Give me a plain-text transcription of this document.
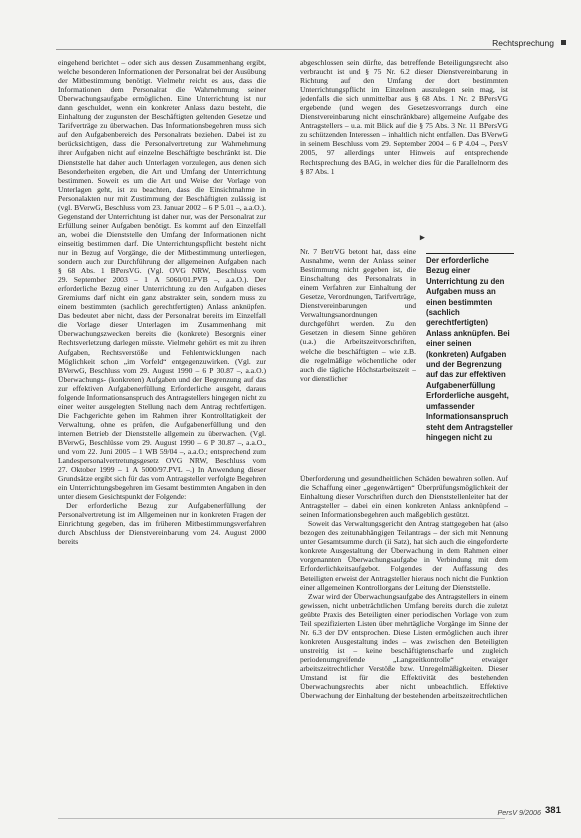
Rechtsprechung

eingehend berichtet – oder sich aus dessen Zusammenhang ergibt, welche besonderen Informationen der Personalrat bei der Ausübung der Mitbestimmung benötigt. Vielmehr reicht es aus, dass die Informationen dem Personalrat die Wahrnehmung seiner Überwachungsaufgabe ermöglichen. Eine Unterrichtung ist nur dann geschuldet, wenn ein konkreter Anlass dazu besteht, die Einhaltung der zugunsten der Beschäftigten geltenden Gesetze und Tarifverträge zu überwachen. Das Informationsbegehren muss sich auf den Aufgabenbereich des Personalrats beziehen. Dabei ist zu berücksichtigen, dass die Personalvertretung zur Wahrnehmung ihrer Aufgaben nicht auf einzelne Beschäftigte beschränkt ist. Die Dienststelle hat daher auch Unterlagen vorzulegen, aus denen sich Besonderheiten ergeben, die Art und Umfang der Unterrichtung bestimmen. Soweit es um die Art und Weise der Vorlage von Unterlagen geht, ist zu beachten, dass die Einsichtnahme in Personalakten nur mit Zustimmung der Beschäftigten zulässig ist (vgl. BVerwG, Beschluss vom 23. Januar 2002 – 6 P 5.01 –, a.a.O.). Gegenstand der Unterrichtung ist daher nur, was der Personalrat zur Erfüllung seiner Aufgaben benötigt. Es kommt auf den Einzelfall an, wobei die Dienststelle den Umfang der Informationen nicht einseitig bestimmen darf. Die Unterrichtungspflicht besteht nicht nur in Bezug auf Vorgänge, die der Mitbestimmung unterliegen, sondern auch zur Durchführung der allgemeinen Aufgaben nach § 68 Abs. 1 BPersVG. (Vgl. OVG NRW, Beschluss vom 29. September 2003 – 1 A 5060/01.PVB –, a.a.O.). Der erforderliche Bezug einer Unterrichtung zu den Aufgaben dieses Gremiums darf nicht ein ganz abstrakter sein, sondern muss zu einem bestimmten (sachlich gerechtfertigten) Anlass anknüpfen. Das bedeutet aber nicht, dass der Personalrat bereits im Einzelfall die Vorlage dieser Unterlagen im Zusammenhang mit Überwachungszwecken bereits die (konkrete) Besorgnis einer Rechtsverletzung darlegen müsste. Vielmehr gehört es mit zu ihren Aufgaben, Rechtsverstöße und Fehlentwicklungen nach Möglichkeit schon „im Vorfeld“ entgegenzuwirken. (Vgl. zur BVerwG, Beschluss vom 29. August 1990 – 6 P 30.87 –, a.a.O.) Überwachungs- (konkreten) Aufgaben und der Begrenzung auf das zur effektiven Aufgabenerfüllung Erforderliche ausgeht, daraus folgende Informationsanspruch des Antragstellers hingegen nicht zu einer weiter ausgelegten Stellung nach dem Antrag rechtfertigen. Die Fachgerichte gehen im Rahmen ihrer Kontrolltatigkeit der Verwaltung, ohne es prüfen, die Aufgabenerfüllung und den internen Betrieb der Dienststelle allgemein zu überwachen. (Vgl. BVerwG, Beschlüsse vom 29. August 1990 – 6 P 30.87 –, a.a.O., und vom 22. Juni 2005 – 1 WB 59/04 –, a.a.O.; entsprechend zum Landespersonalvertretungsgesetz OVG NRW, Beschluss vom 27. Oktober 1999 – 1 A 5000/97.PVL –.) In Anwendung dieser Grundsätze ergibt sich für das vom Antragsteller verfolgte Begehren ein Unterrichtungsbegehren im Gesamt bestimmten Angaben in den unter diesem Gesichtspunkt der Folgende:
Der erforderliche Bezug zur Aufgabenerfüllung der Personalvertretung ist im Allgemeinen nur in konkreten Fragen der Einrichtung gegeben, das im früheren Mitbestimmungsverfahren durch Abschluss der Dienstvereinbarung vom 24. August 2000 bereits

abgeschlossen sein dürfte, das betreffende Beteiligungsrecht also verbraucht ist und § 75 Nr. 6.2 dieser Dienstvereinbarung in Richtung auf den Umfang der dort bestimmten Unterrichtungspflicht im Einzelnen auszulegen sein mag, ist jedenfalls die sich unmittelbar aus § 68 Abs. 1 Nr. 2 BPersVG ergebende (und wegen des Gesetzesvorrangs durch eine Dienstvereinbarung nicht einschränkbare) allgemeine Aufgabe des Antragstellers – u.a. mit Blick auf die § 75 Abs. 3 Nr. 11 BPersVG zu schützenden Interessen – inhaltlich nicht entfallen. Das BVerwG in seinem Beschluss vom 29. September 2004 – 6 P 4.04 –, PersV 2005, 97 allerdings unter Hinweis auf entsprechende Rechtsprechung des BAG, in welcher dies für die Parallelnorm des § 87 Abs. 1

Nr. 7 BetrVG betont hat, dass eine Ausnahme, wenn der Anlass seiner Bestimmung nicht gegeben ist, die Einschaltung des Personalrats in einem Verfahren zur Einhaltung der Gesetze, Verordnungen, Tarifverträge, Dienstvereinbarungen und Verwaltungsanordnungen durchgeführt werden. Zu den Gesetzen in diesem Sinne gehören (u.a.) die Arbeitszeitvorschriften, welche die beschäftigten – wie z.B. die regelmäßige wöchentliche oder auch die tägliche Höchstarbeitszeit – vor dienstlicher

▸
Der erforderliche Bezug einer Unterrichtung zu den Aufgaben muss an einen bestimmten (sachlich gerechtfertigten) Anlass anknüpfen. Bei einer seinen (konkreten) Aufgaben und der Begrenzung auf das zur effektiven Aufgabenerfüllung Erforderliche ausgeht, umfassender Informationsanspruch steht dem Antragsteller hingegen nicht zu

Überforderung und gesundheitlichen Schäden bewahren sollen. Auf die Schaffung einer „gegenwärtigen“ Überprüfungsmöglichkeit der Einhaltung dieser Vorschriften durch den Dienststellenleiter hat der Antragsteller – dabei ein einen konkreten Anlass anknüpfend – seinen Informationsbegehren auch maßgeblich gestützt.
Soweit das Verwaltungsgericht den Antrag stattgegeben hat (also bezogen des zeitunabhängigen Teilantrags – der sich mit Nennung unter Gesamtsumme durch (ii Satz), hat sich auch die eingeforderte konkrete Ausgestaltung der Überwachung in dem Rahmen einer vorgenannten Überwachungsaufgabe in Verbindung mit dem Erforderlichkeitsaufgebot. Folgendes der Auffassung des Beteiligten erweist der Antragsteller hieraus noch nicht die Funktion einer allgemeinen Kontrollorgans der Leitung der Dienststelle.
Zwar wird der Überwachungsaufgabe des Antragstellers in einem gewissen, nicht unbeträchtlichen Umfang bereits durch die zuletzt geübte Praxis des Beteiligten einer periodischen Vorlage von zum Teil spezifizierten Listen über mehrtägliche Vorgänge im Sinne der Nr. 6.3 der DV entsprochen. Diese Listen ermöglichen auch ihrer konkreten Ausgestaltung indes – was zwischen den Beteiligten unstreitig ist – keine beschäftigtenscharfe und zugleich periodenumgreifende „Langzeitkontrolle“ etwaiger arbeitszeitrechtlicher Verstöße bzw. Unregelmäßigkeiten. Dieser Umstand ist für die Effektivität des bestehenden Überwachungsrechts aber nicht unbeachtlich. Effektive Überwachung der Einhaltung der bestehenden arbeitszeitrechtlichen

PersV 9/2006 381
